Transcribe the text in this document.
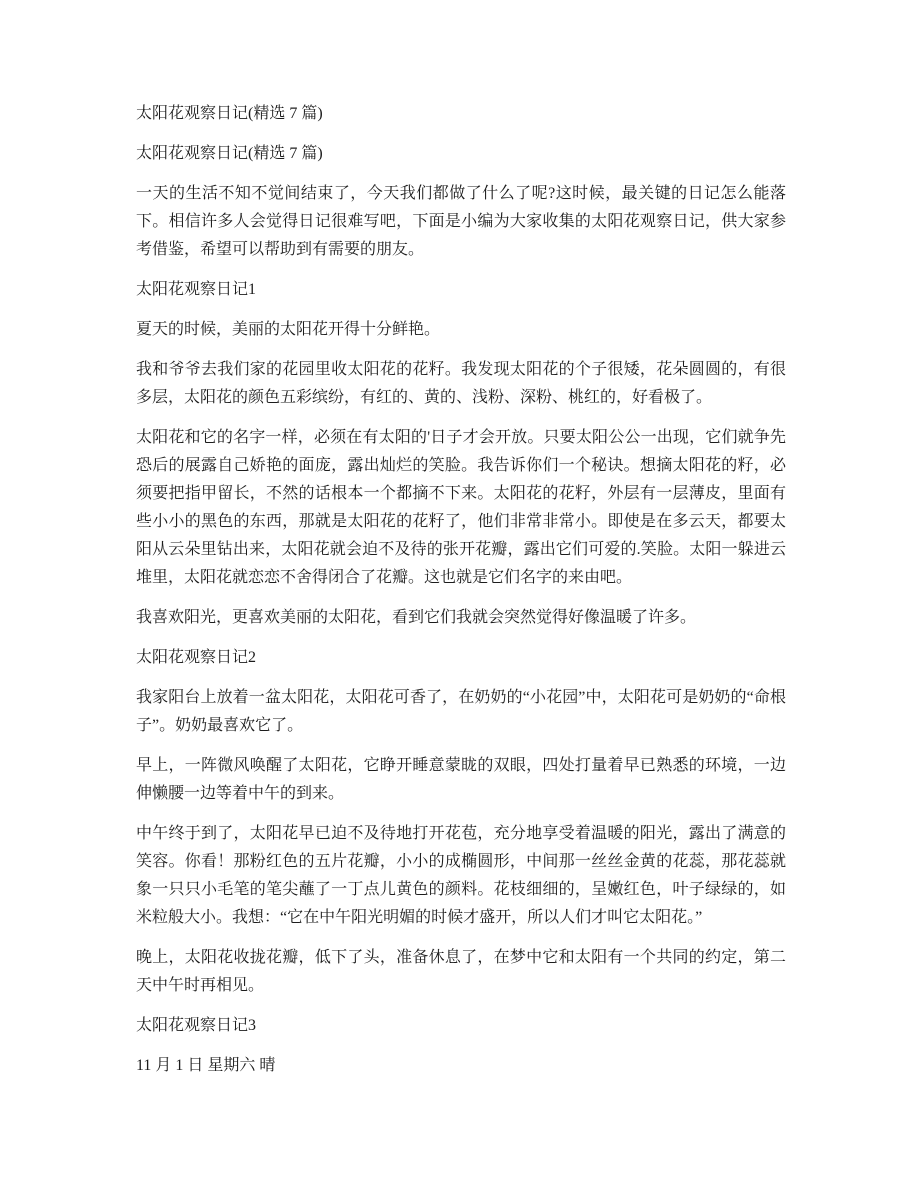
太阳花观察日记(精选 7 篇)

太阳花观察日记(精选 7 篇)

一天的生活不知不觉间结束了，今天我们都做了什么了呢?这时候，最关键的日记怎么能落下。相信许多人会觉得日记很难写吧，下面是小编为大家收集的太阳花观察日记，供大家参考借鉴，希望可以帮助到有需要的朋友。

太阳花观察日记1

夏天的时候，美丽的太阳花开得十分鲜艳。

我和爷爷去我们家的花园里收太阳花的花籽。我发现太阳花的个子很矮，花朵圆圆的，有很多层，太阳花的颜色五彩缤纷，有红的、黄的、浅粉、深粉、桃红的，好看极了。

太阳花和它的名字一样，必须在有太阳的'日子才会开放。只要太阳公公一出现，它们就争先恐后的展露自己娇艳的面庞，露出灿烂的笑脸。我告诉你们一个秘诀。想摘太阳花的籽，必须要把指甲留长，不然的话根本一个都摘不下来。太阳花的花籽，外层有一层薄皮，里面有些小小的黑色的东西，那就是太阳花的花籽了，他们非常非常小。即使是在多云天，都要太阳从云朵里钻出来，太阳花就会迫不及待的张开花瓣，露出它们可爱的.笑脸。太阳一躲进云堆里，太阳花就恋恋不舍得闭合了花瓣。这也就是它们名字的来由吧。

我喜欢阳光，更喜欢美丽的太阳花，看到它们我就会突然觉得好像温暖了许多。

太阳花观察日记2

我家阳台上放着一盆太阳花，太阳花可香了，在奶奶的“小花园”中，太阳花可是奶奶的“命根子”。奶奶最喜欢它了。

早上，一阵微风唤醒了太阳花，它睁开睡意蒙眬的双眼，四处打量着早已熟悉的环境，一边伸懒腰一边等着中午的到来。

中午终于到了，太阳花早已迫不及待地打开花苞，充分地享受着温暖的阳光，露出了满意的笑容。你看！那粉红色的五片花瓣，小小的成椭圆形，中间那一丝丝金黄的花蕊，那花蕊就象一只只小毛笔的笔尖蘸了一丁点儿黄色的颜料。花枝细细的，呈嫩红色，叶子绿绿的，如米粒般大小。我想：“它在中午阳光明媚的时候才盛开，所以人们才叫它太阳花。”

晚上，太阳花收拢花瓣，低下了头，准备休息了，在梦中它和太阳有一个共同的约定，第二天中午时再相见。

太阳花观察日记3

11 月 1 日 星期六 晴
